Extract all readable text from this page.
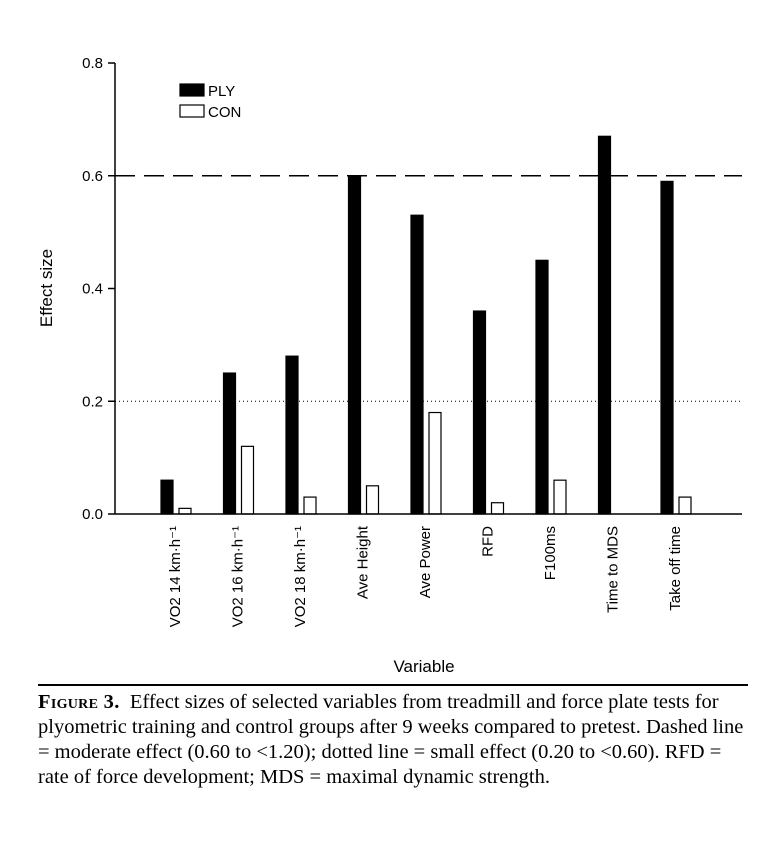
0.0
0.2
0.4
0.6
0.8
VO2 14 km·h⁻¹	VO2 16 km·h⁻¹	VO2 18 km·h⁻¹	Ave Height	Ave Power	RFD	F100ms	Time to MDS	Take off time
PLY
CON
Variable
Effect size
Figure 3. Effect sizes of selected variables from treadmill and force plate tests for plyometric training and control groups after 9 weeks compared to pretest. Dashed line = moderate effect (0.60 to <1.20); dotted line = small effect (0.20 to <0.60). RFD = rate of force development; MDS = maximal dynamic strength.
